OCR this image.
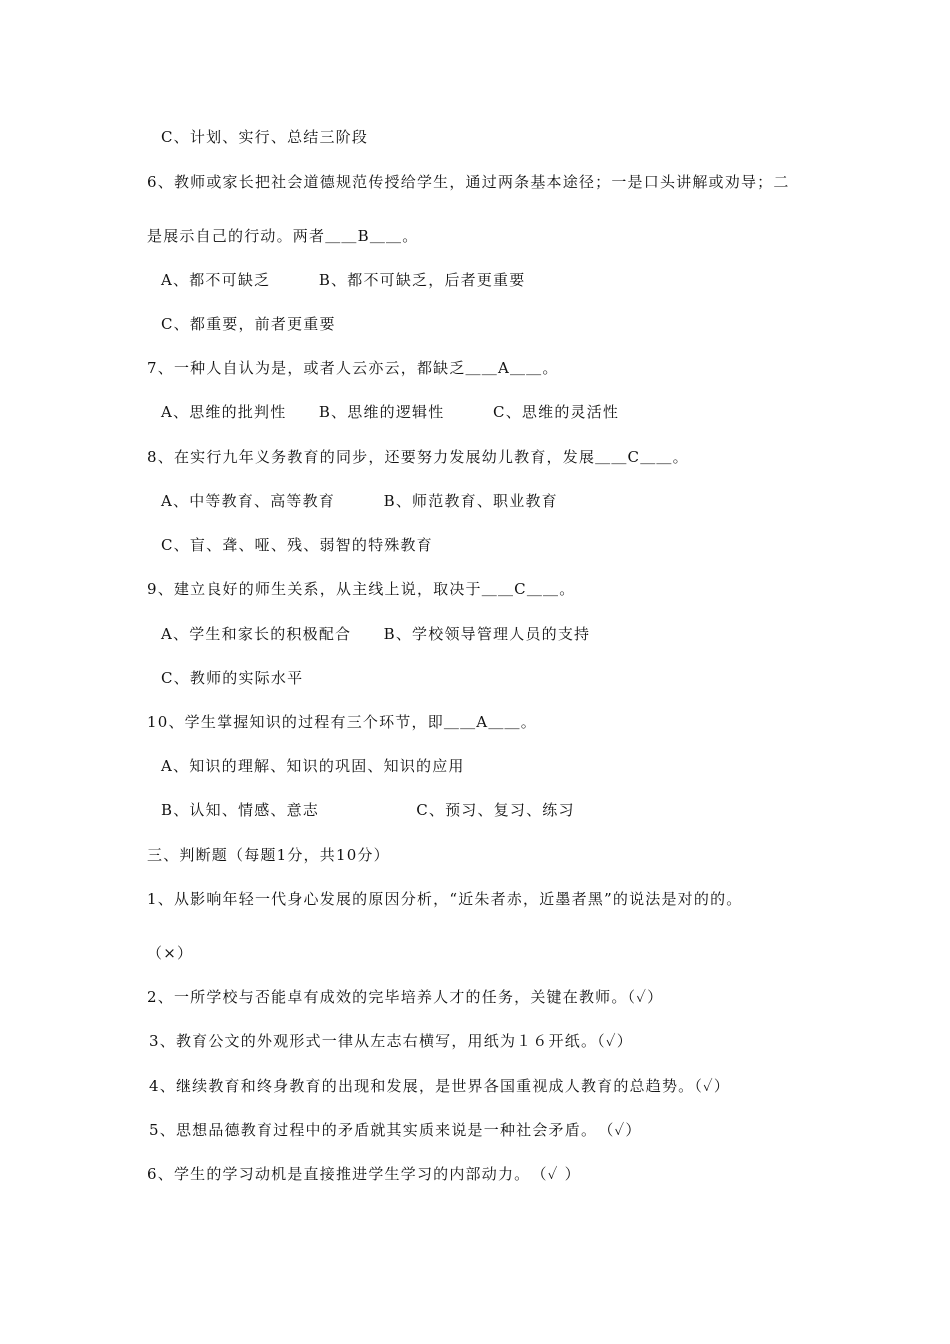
C、计划、实行、总结三阶段
6、教师或家长把社会道德规范传授给学生，通过两条基本途径；一是口头讲解或劝导；二
是展示自己的行动。两者＿＿B＿＿。
A、都不可缺乏　　　B、都不可缺乏，后者更重要
C、都重要，前者更重要
7、一种人自认为是，或者人云亦云，都缺乏＿＿A＿＿。
A、思维的批判性　　B、思维的逻辑性　　　C、思维的灵活性
8、在实行九年义务教育的同步，还要努力发展幼儿教育，发展＿＿C＿＿。
A、中等教育、高等教育　　　B、师范教育、职业教育
C、盲、聋、哑、残、弱智的特殊教育
9、建立良好的师生关系，从主线上说，取决于＿＿C＿＿。
A、学生和家长的积极配合　　B、学校领导管理人员的支持
C、教师的实际水平
10、学生掌握知识的过程有三个环节，即＿＿A＿＿。
A、知识的理解、知识的巩固、知识的应用
B、认知、情感、意志　　　　　　C、预习、复习、练习
三、判断题（每题1分，共10分）
1、从影响年轻一代身心发展的原因分析，“近朱者赤，近墨者黑”的说法是对的的。
（×）
2、一所学校与否能卓有成效的完毕培养人才的任务，关键在教师。（✓）
3、教育公文的外观形式一律从左志右横写，用纸为１６开纸。（✓）
4、继续教育和终身教育的出现和发展，是世界各国重视成人教育的总趋势。（✓）
5、思想品德教育过程中的矛盾就其实质来说是一种社会矛盾。　（✓）
6、学生的学习动机是直接推进学生学习的内部动力。　（✓ ）
